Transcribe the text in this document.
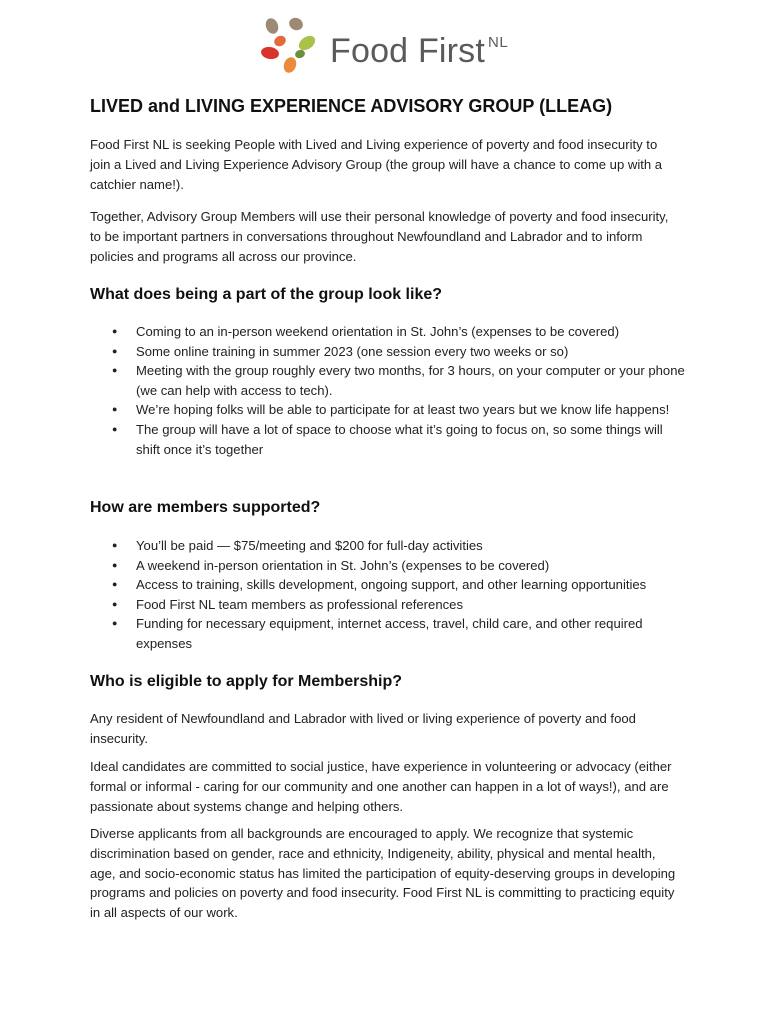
Food First $^{NL}$
LIVED and LIVING EXPERIENCE ADVISORY GROUP (LLEAG)

Food First NL is seeking People with Lived and Living experience of poverty and food insecurity to join a Lived and Living Experience Advisory Group (the group will have a chance to come up with a catchier name!).

Together, Advisory Group Members will use their personal knowledge of poverty and food insecurity, to be important partners in conversations throughout Newfoundland and Labrador and to inform policies and programs all across our province.

What does being a part of the group look like?
● Coming to an in-person weekend orientation in St. John’s (expenses to be covered)
● Some online training in summer 2023 (one session every two weeks or so)
● Meeting with the group roughly every two months, for 3 hours, on your computer or your phone (we can help with access to tech).
● We’re hoping folks will be able to participate for at least two years but we know life happens!
● The group will have a lot of space to choose what it’s going to focus on, so some things will shift once it’s together
How are members supported?
● You’ll be paid — $75/meeting and $200 for full-day activities
● A weekend in-person orientation in St. John’s (expenses to be covered)
● Access to training, skills development, ongoing support, and other learning opportunities
● Food First NL team members as professional references
● Funding for necessary equipment, internet access, travel, child care, and other required expenses
Who is eligible to apply for Membership?

Any resident of Newfoundland and Labrador with lived or living experience of poverty and food insecurity.

Ideal candidates are committed to social justice, have experience in volunteering or advocacy (either formal or informal - caring for our community and one another can happen in a lot of ways!), and are passionate about systems change and helping others.

Diverse applicants from all backgrounds are encouraged to apply. We recognize that systemic discrimination based on gender, race and ethnicity, Indigeneity, ability, physical and mental health, age, and socio-economic status has limited the participation of equity-deserving groups in developing programs and policies on poverty and food insecurity. Food First NL is committing to practicing equity in all aspects of our work.
